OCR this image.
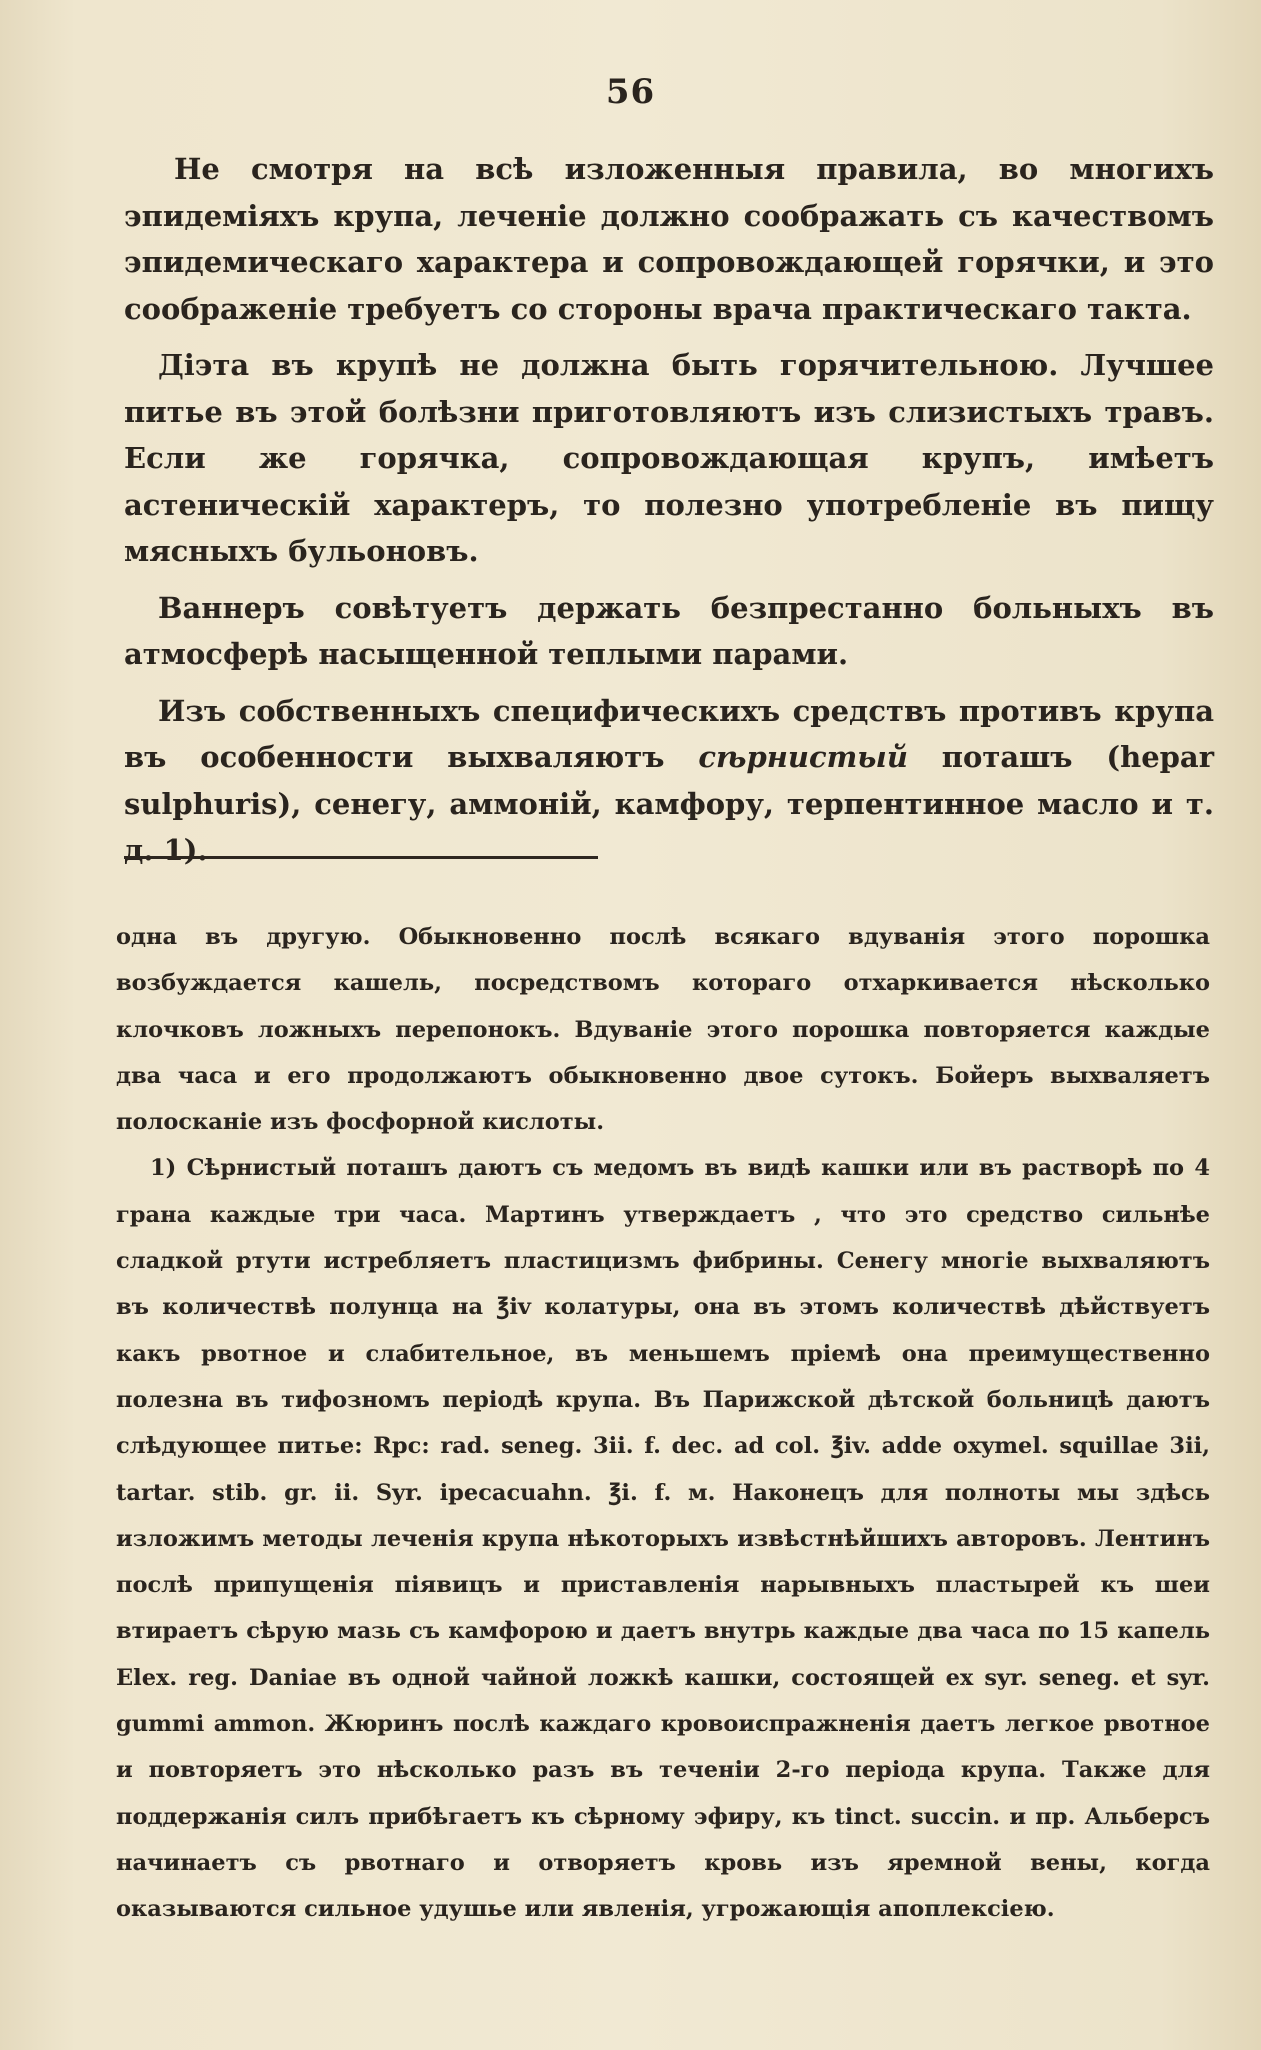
56

Не смотря на всѣ изложенныя правила, во многихъ эпидеміяхъ крупа, леченіе должно соображать съ качествомъ эпидемическаго характера и сопровождающей горячки, и это соображеніе требуетъ со стороны врача практическаго такта.

Діэта въ крупѣ не должна быть горячительною. Лучшее питье въ этой болѣзни приготовляютъ изъ слизистыхъ травъ. Если же горячка, сопровождающая крупъ, имѣетъ астеническій характеръ, то полезно употребленіе въ пищу мясныхъ бульоновъ.

Ваннеръ совѣтуетъ держать безпрестанно больныхъ въ атмосферѣ насыщенной теплыми парами.

Изъ собственныхъ специфическихъ средствъ противъ крупа въ особенности выхваляютъ сѣрнистый поташъ (hepar sulphuris), сенегу, аммоній, камфору, терпентинное масло и т. д. 1).

одна въ другую. Обыкновенно послѣ всякаго вдуванія этого порошка возбуждается кашель, посредствомъ котораго отхаркивается нѣсколько клочковъ ложныхъ перепонокъ. Вдуваніе этого порошка повторяется каждые два часа и его продолжаютъ обыкновенно двое сутокъ. Бойеръ выхваляетъ полосканіе изъ фосфорной кислоты.

1) Сѣрнистый поташъ даютъ съ медомъ въ видѣ кашки или въ растворѣ по 4 грана каждые три часа. Мартинъ утверждаетъ , что это средство сильнѣе сладкой ртути истребляетъ пластицизмъ фибрины. Сенегу многіе выхваляютъ въ количествѣ полунца на ℥iv колатуры, она въ этомъ количествѣ дѣйствуетъ какъ рвотное и слабительное, въ меньшемъ пріемѣ она преимущественно полезна въ тифозномъ періодѣ крупа. Въ Парижской дѣтской больницѣ даютъ слѣдующее питье: Rpc: rad. seneg. 3ii. f. dec. ad col. ℥iv. adde oxymel. squillae 3ii, tartar. stib. gr. ii. Syr. ipecacuahn. ℥i. f. м. Наконецъ для полноты мы здѣсь изложимъ методы леченія крупа нѣкоторыхъ извѣстнѣйшихъ авторовъ. Лентинъ послѣ припущенія піявицъ и приставленія нарывныхъ пластырей къ шеи втираетъ сѣрую мазь съ камфорою и даетъ внутрь каждые два часа по 15 капель Elex. reg. Daniae въ одной чайной ложкѣ кашки, состоящей ex syr. seneg. et syr. gummi ammon. Жюринъ послѣ каждаго кровоиспражненія даетъ легкое рвотное и повторяетъ это нѣсколько разъ въ теченіи 2-го періода крупа. Также для поддержанія силъ прибѣгаетъ къ сѣрному эфиру, къ tinct. succin. и пр. Альберсъ начинаетъ съ рвотнаго и отворяетъ кровь изъ яремной вены, когда оказываются сильное удушье или явленія, угрожающія апоплексіею.
